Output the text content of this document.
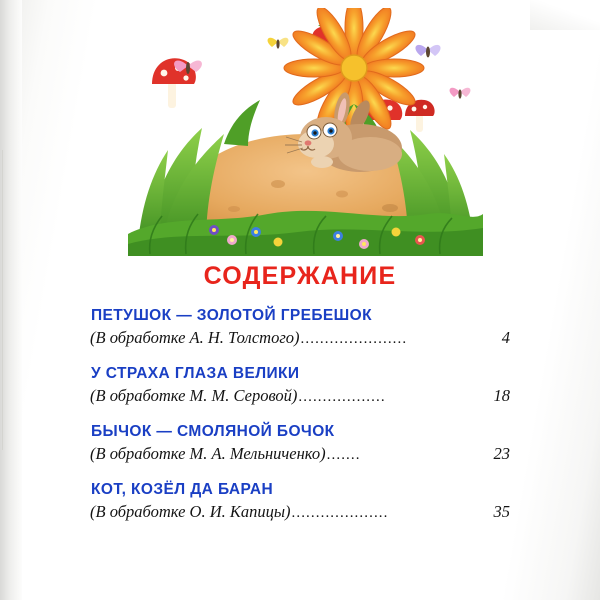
СОДЕРЖАНИЕ
ПЕТУШОК — ЗОЛОТОЙ ГРЕБЕШОК
(В обработке А. Н. Толстого) ......................	4
У СТРАХА ГЛАЗА ВЕЛИКИ
(В обработке М. М. Серовой) ..................	18
БЫЧОК — СМОЛЯНОЙ БОЧОК
(В обработке М. А. Мельниченко) .......	23
КОТ, КОЗЁЛ ДА БАРАН
(В обработке О. И. Капицы) ....................	35
